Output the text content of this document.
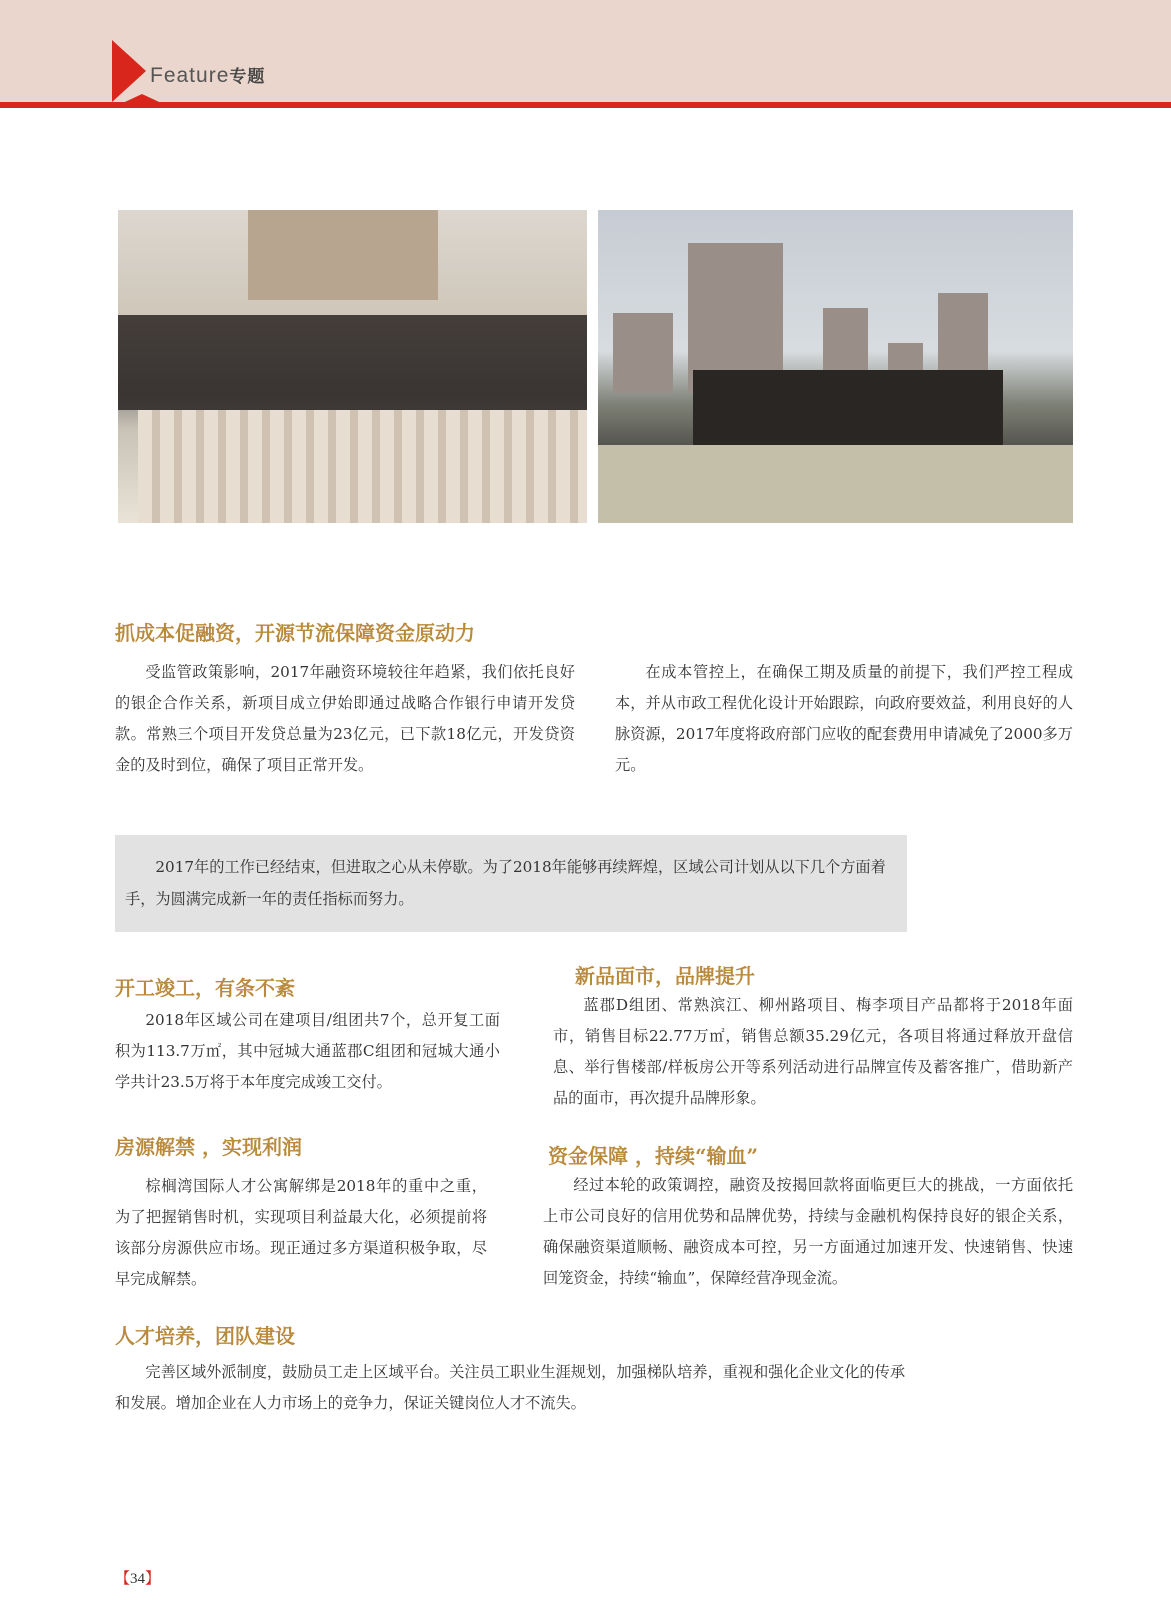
Feature专题
抓成本促融资，开源节流保障资金原动力
受监管政策影响，2017年融资环境较往年趋紧，我们依托良好的银企合作关系，新项目成立伊始即通过战略合作银行申请开发贷款。常熟三个项目开发贷总量为23亿元，已下款18亿元，开发贷资金的及时到位，确保了项目正常开发。
在成本管控上，在确保工期及质量的前提下，我们严控工程成本，并从市政工程优化设计开始跟踪，向政府要效益，利用良好的人脉资源，2017年度将政府部门应收的配套费用申请减免了2000多万元。
2017年的工作已经结束，但进取之心从未停歇。为了2018年能够再续辉煌，区域公司计划从以下几个方面着手，为圆满完成新一年的责任指标而努力。
开工竣工，有条不紊
2018年区域公司在建项目/组团共7个，总开复工面积为113.7万㎡，其中冠城大通蓝郡C组团和冠城大通小学共计23.5万将于本年度完成竣工交付。
房源解禁 ，实现利润
棕榈湾国际人才公寓解绑是2018年的重中之重，为了把握销售时机，实现项目利益最大化，必须提前将该部分房源供应市场。现正通过多方渠道积极争取，尽早完成解禁。
新品面市，品牌提升
蓝郡D组团、常熟滨江、柳州路项目、梅李项目产品都将于2018年面市，销售目标22.77万㎡，销售总额35.29亿元，各项目将通过释放开盘信息、举行售楼部/样板房公开等系列活动进行品牌宣传及蓄客推广，借助新产品的面市，再次提升品牌形象。
资金保障 ，持续“输血”
经过本轮的政策调控，融资及按揭回款将面临更巨大的挑战，一方面依托上市公司良好的信用优势和品牌优势，持续与金融机构保持良好的银企关系，确保融资渠道顺畅、融资成本可控，另一方面通过加速开发、快速销售、快速回笼资金，持续“输血”，保障经营净现金流。
人才培养，团队建设
完善区域外派制度，鼓励员工走上区域平台。关注员工职业生涯规划，加强梯队培养，重视和强化企业文化的传承和发展。增加企业在人力市场上的竞争力，保证关键岗位人才不流失。
【34】
